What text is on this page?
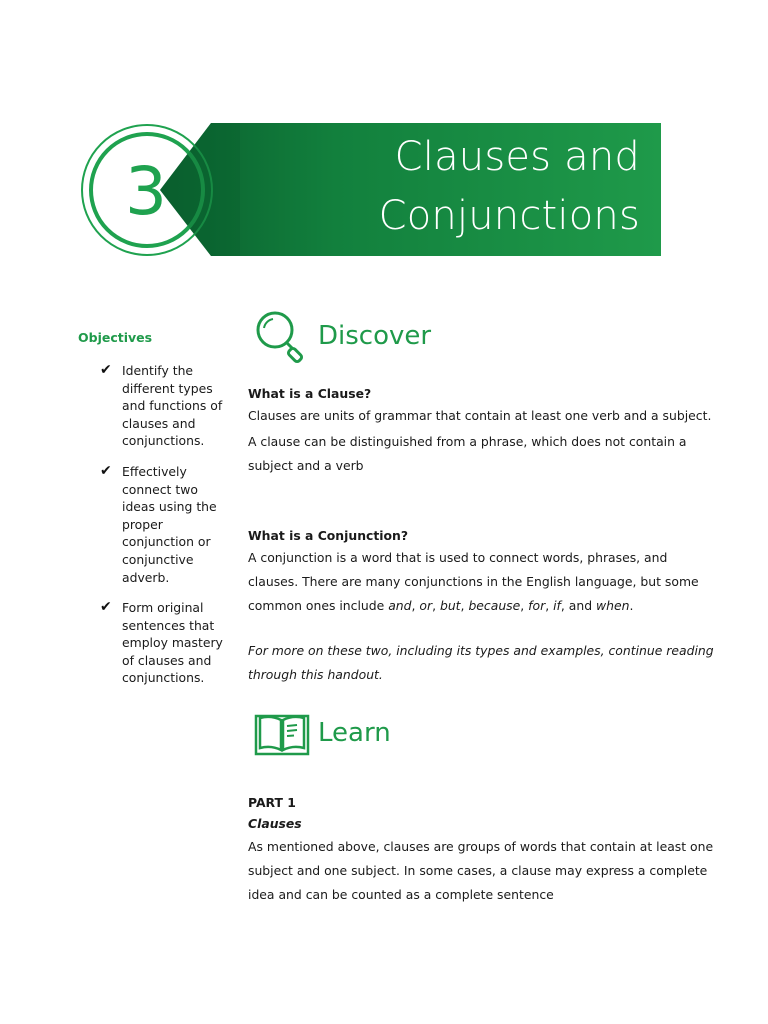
3	Clauses and
Conjunctions
Objectives
✔ Identify the different types and functions of clauses and conjunctions.
✔ Effectively connect two ideas using the proper conjunction or conjunctive adverb.
✔ Form original sentences that employ mastery of clauses and conjunctions.
Discover
What is a Clause?

Clauses are units of grammar that contain at least one verb and a subject.

A clause can be distinguished from a phrase, which does not contain a subject and a verb

What is a Conjunction?

A conjunction is a word that is used to connect words, phrases, and clauses. There are many conjunctions in the English language, but some common ones include and, or, but, because, for, if, and when.

For more on these two, including its types and examples, continue reading through this handout.

Learn
PART 1
Clauses

As mentioned above, clauses are groups of words that contain at least one subject and one subject. In some cases, a clause may express a complete idea and can be counted as a complete sentence
